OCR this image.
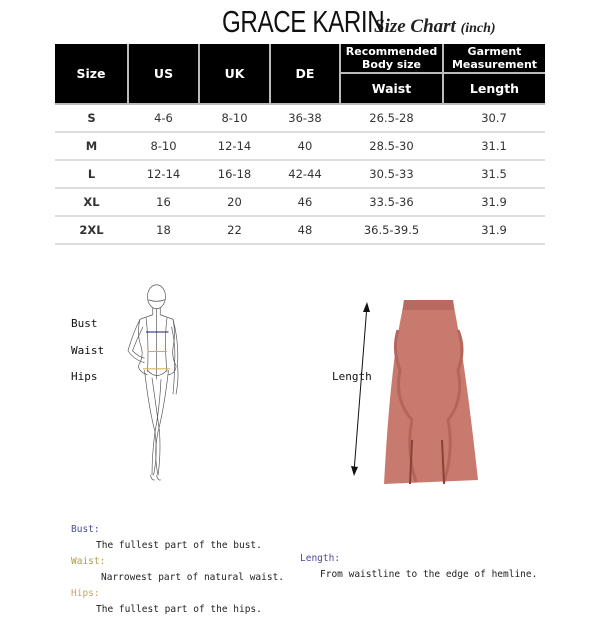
GRACE KARIN
Size Chart (inch)
Size	US	UK	DE	Recommended Body size	Garment Measurement
				Waist	Length
S	4-6	8-10	36-38	26.5-28	30.7
M	8-10	12-14	40	28.5-30	31.1
L	12-14	16-18	42-44	30.5-33	31.5
XL	16	20	46	33.5-36	31.9
2XL	18	22	48	36.5-39.5	31.9
Bust
Waist
Hips	Length
Bust:
The fullest part of the bust.
Waist:
Narrowest part of natural waist.
Hips:
The fullest part of the hips.
Length:
From waistline to the edge of hemline.
